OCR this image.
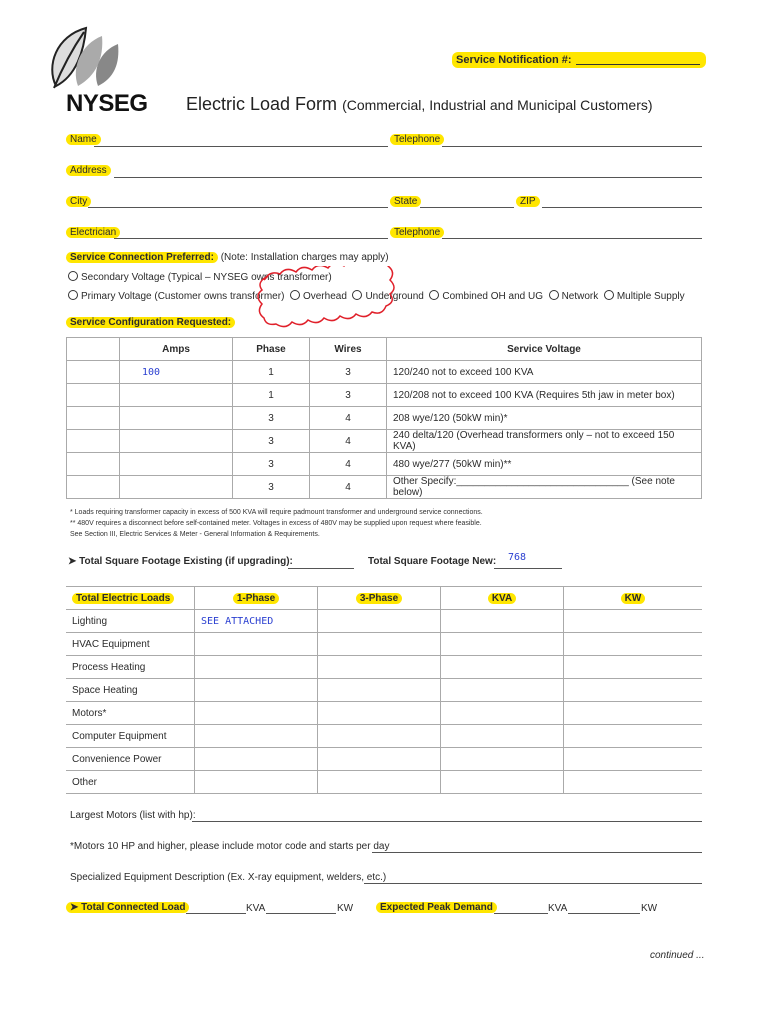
NYSEG
Service Notification #:
Electric Load Form (Commercial, Industrial and Municipal Customers)
Name	Telephone
Address
City	State	ZIP
Electrician	Telephone
Service Connection Preferred: (Note: Installation charges may apply)
Secondary Voltage (Typical – NYSEG owns transformer)
Primary Voltage (Customer owns transformer) Overhead Underground Combined OH and UG Network Multiple Supply
Service Configuration Requested:
	Amps	Phase	Wires	Service Voltage
	100	1	3	120/240 not to exceed 100 KVA
		1	3	120/208 not to exceed 100 KVA (Requires 5th jaw in meter box)
		3	4	208 wye/120 (50kW min)*
		3	4	240 delta/120 (Overhead transformers only – not to exceed 150 KVA)
		3	4	480 wye/277 (50kW min)**
		3	4	Other Specify:_______________________________ (See note below)
* Loads requiring transformer capacity in excess of 500 KVA will require padmount transformer and underground service connections.
** 480V requires a disconnect before self-contained meter. Voltages in excess of 480V may be supplied upon request where feasible.
See Section III, Electric Services & Meter - General Information & Requirements.
➤ Total Square Footage Existing (if upgrading):	Total Square Footage New: 768
Total Electric Loads	1-Phase	3-Phase	KVA	KW
Lighting	SEE ATTACHED			
HVAC Equipment				
Process Heating				
Space Heating				
Motors*				
Computer Equipment				
Convenience Power				
Other				
Largest Motors (list with hp):
*Motors 10 HP and higher, please include motor code and starts per day
Specialized Equipment Description (Ex. X-ray equipment, welders, etc.)
➤ Total Connected Load	KVA	KW	Expected Peak Demand	KVA	KW
continued ...
